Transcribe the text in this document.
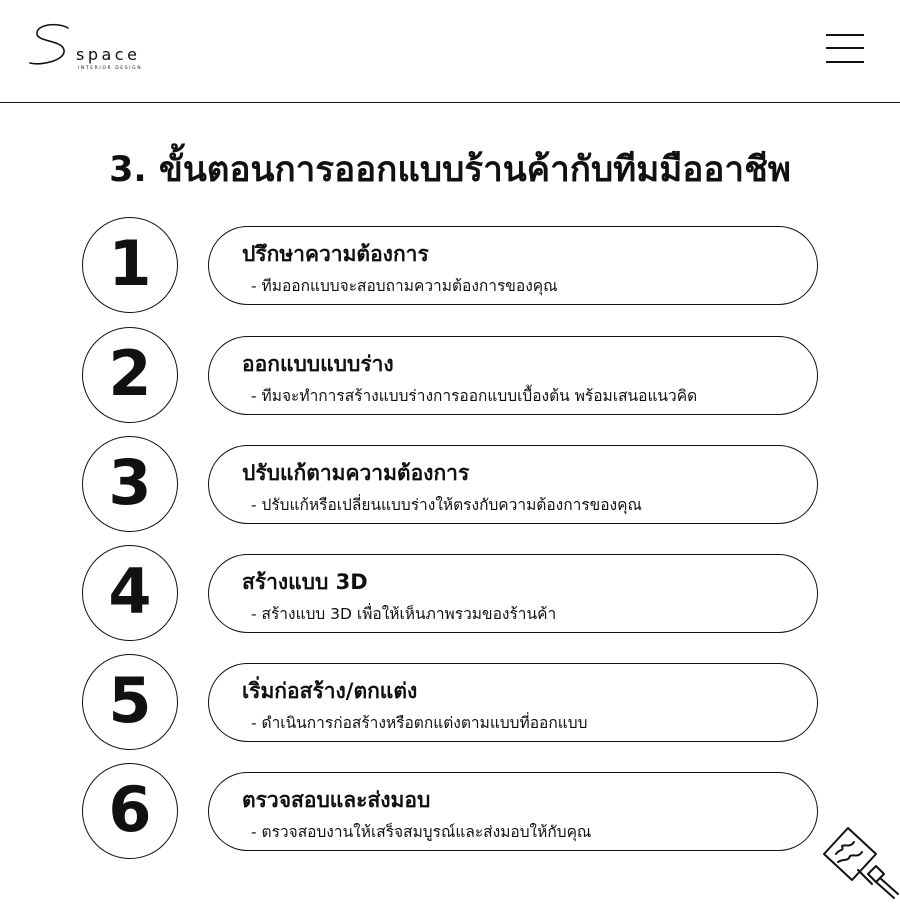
space
INTERIOR DESIGN
3. ขั้นตอนการออกแบบร้านค้ากับทีมมืออาชีพ
1	ปรึกษาความต้องการ
- ทีมออกแบบจะสอบถามความต้องการของคุณ
2	ออกแบบแบบร่าง
- ทีมจะทำการสร้างแบบร่างการออกแบบเบื้องต้น พร้อมเสนอแนวคิด
3	ปรับแก้ตามความต้องการ
- ปรับแก้หรือเปลี่ยนแบบร่างให้ตรงกับความต้องการของคุณ
4	สร้างแบบ 3D
- สร้างแบบ 3D เพื่อให้เห็นภาพรวมของร้านค้า
5	เริ่มก่อสร้าง/ตกแต่ง
- ดำเนินการก่อสร้างหรือตกแต่งตามแบบที่ออกแบบ
6	ตรวจสอบและส่งมอบ
- ตรวจสอบงานให้เสร็จสมบูรณ์และส่งมอบให้กับคุณ
